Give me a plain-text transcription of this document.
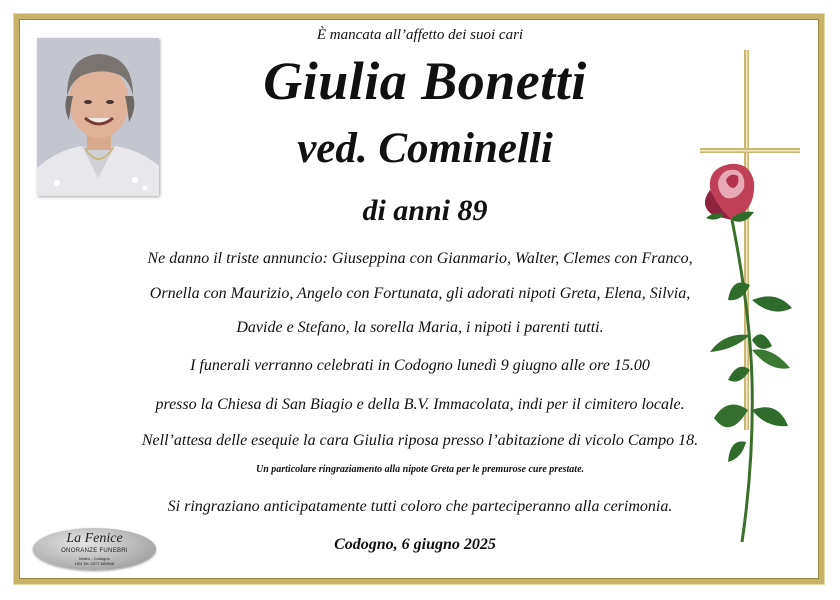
È mancata all’affetto dei suoi cari
Giulia Bonetti
ved. Cominelli
di anni 89
Ne danno il triste annuncio: Giuseppina con Gianmario, Walter, Clemes con Franco,
Ornella con Maurizio, Angelo con Fortunata, gli adorati nipoti Greta, Elena, Silvia,
Davide e Stefano, la sorella Maria, i nipoti i parenti tutti.
I funerali verranno celebrati in Codogno lunedì 9 giugno alle ore 15.00
presso la Chiesa di San Biagio e della B.V. Immacolata, indi per il cimitero locale.
Nell’attesa delle esequie la cara Giulia riposa presso l’abitazione di vicolo Campo 18.
Un particolare ringraziamento alla nipote Greta per le premurose cure prestate.
Si ringraziano anticipatamente tutti coloro che parteciperanno alla cerimonia.
Codogno, 6 giugno 2025
La Fenice
ONORANZE FUNEBRI
Maleo - Codogno
H24 Tel. 0377-589846
